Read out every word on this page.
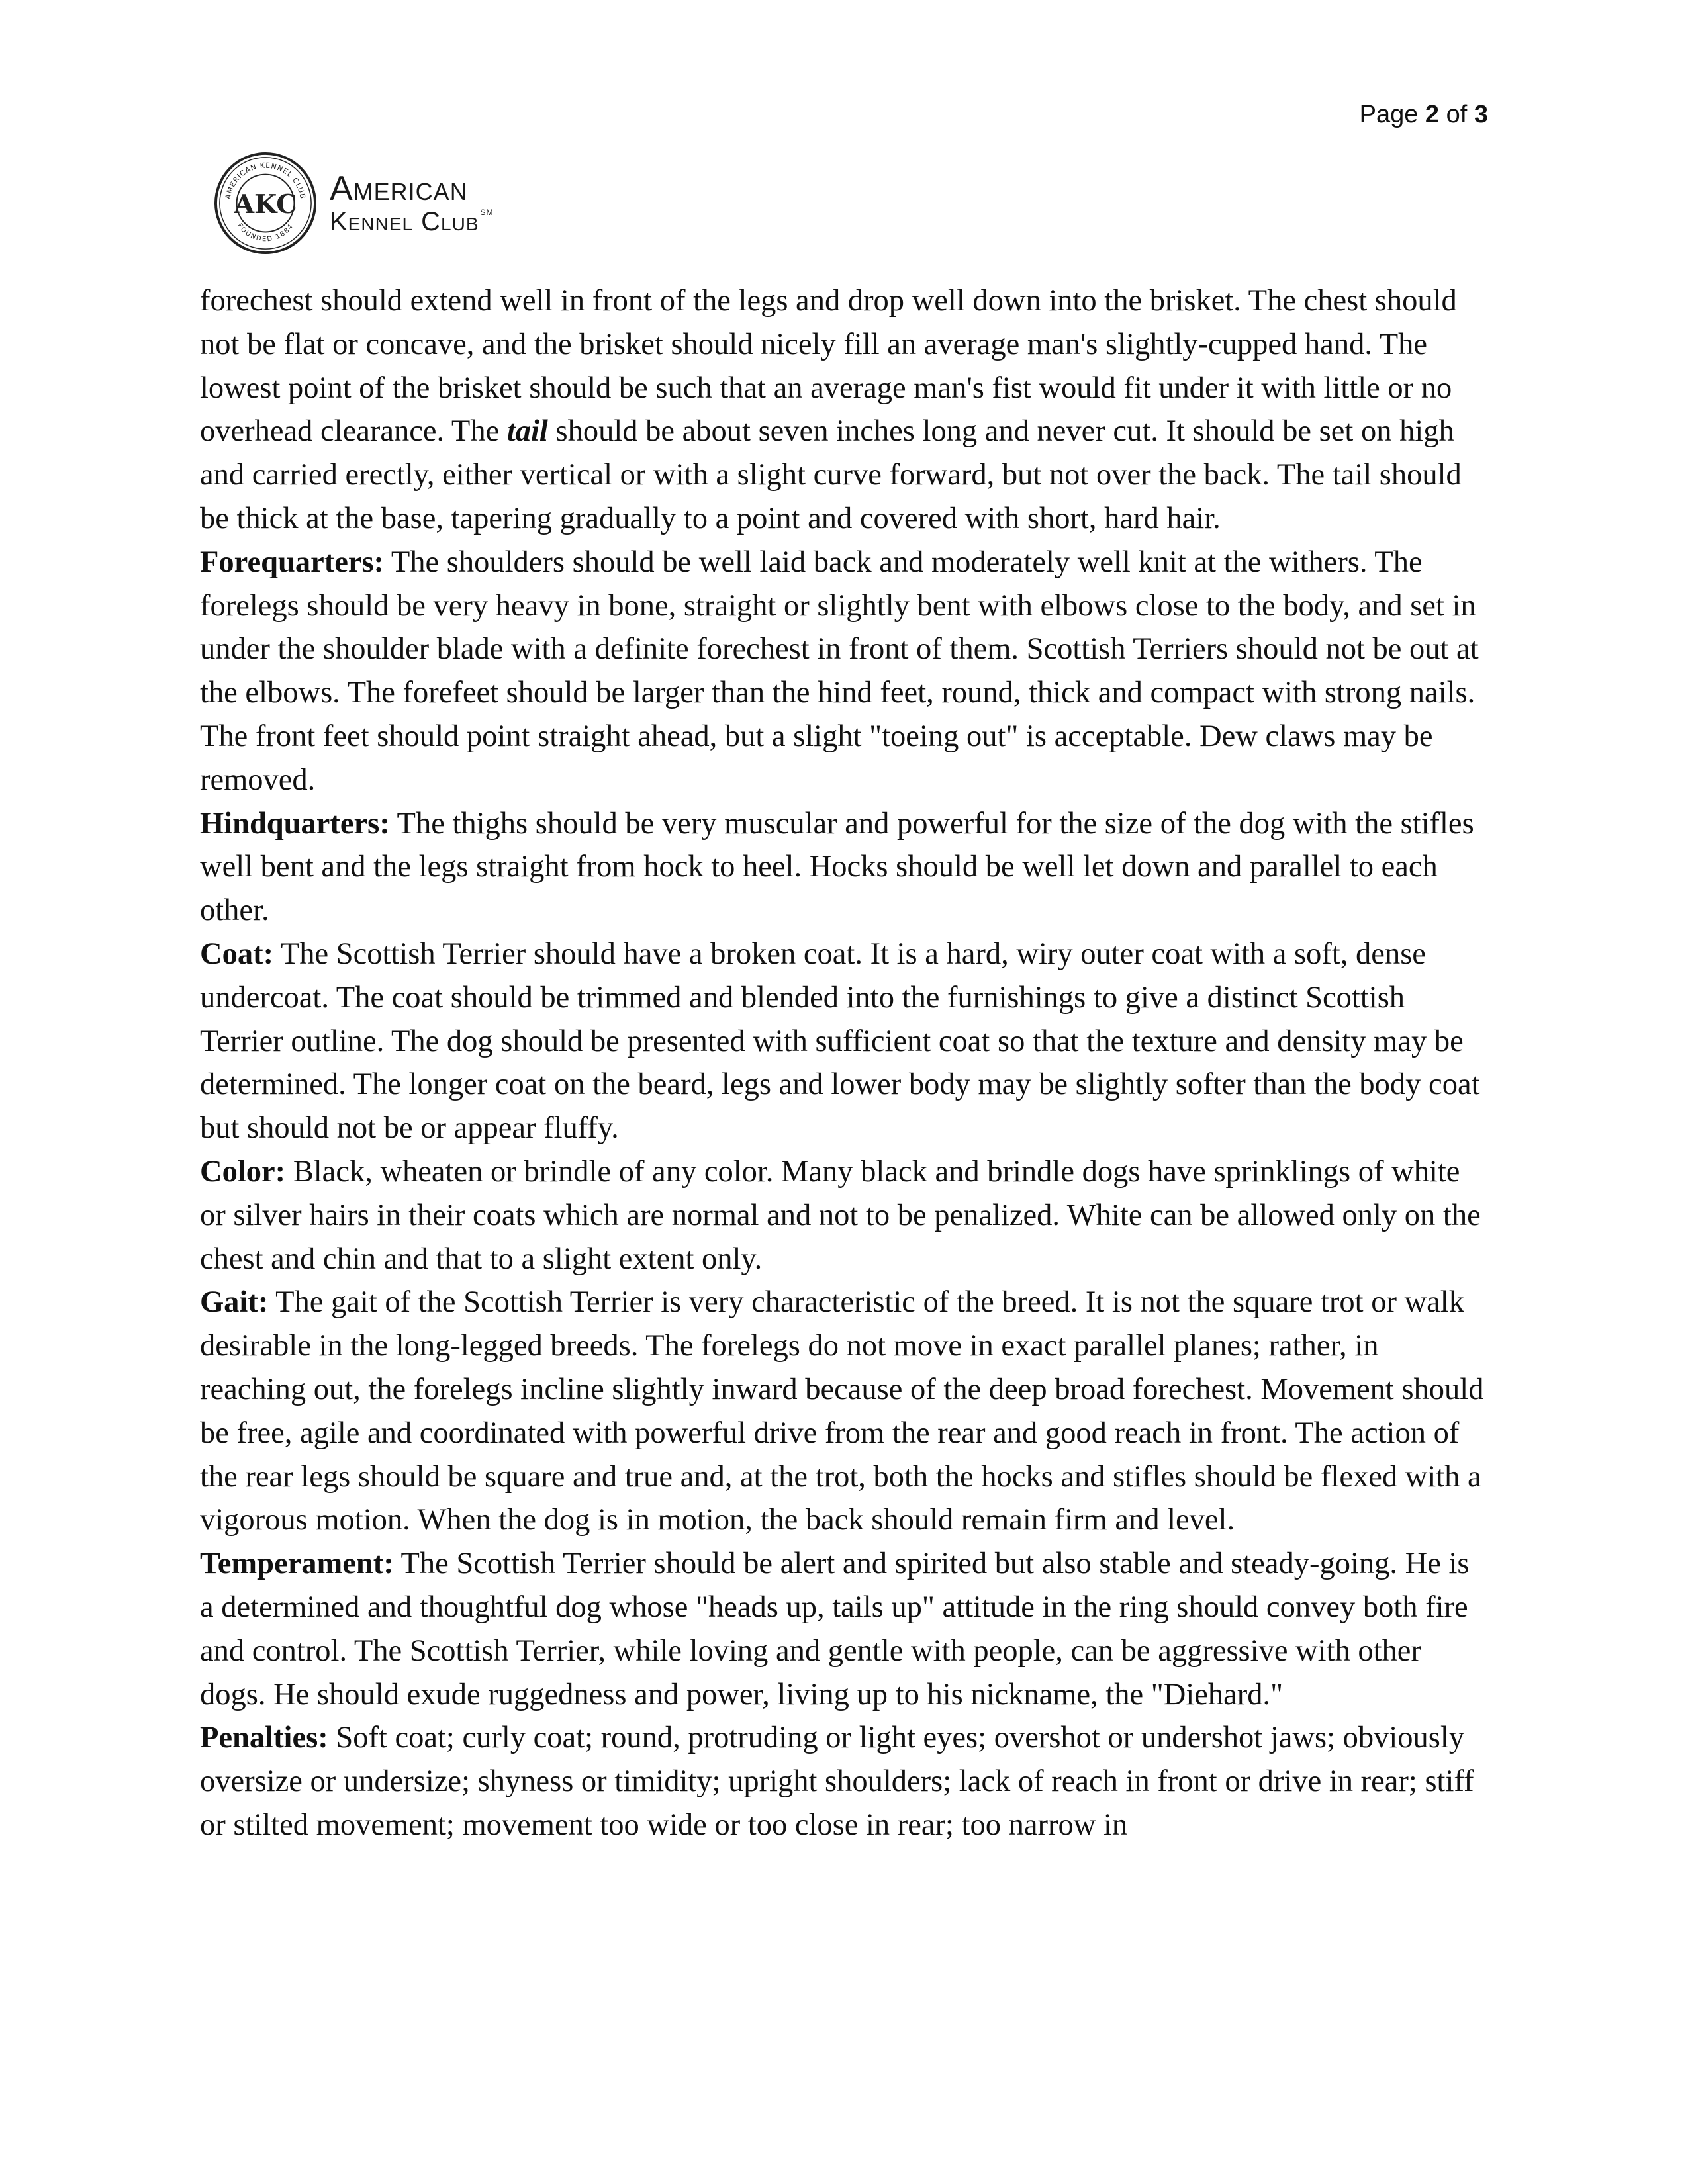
Page 2 of 3
AMERICAN KENNEL CLUB
FOUNDED 1884
AKC American
Kennel Club ℠

forechest should extend well in front of the legs and drop well down into the brisket. The chest should not be flat or concave, and the brisket should nicely fill an average man's slightly-cupped hand. The lowest point of the brisket should be such that an average man's fist would fit under it with little or no overhead clearance. The tail should be about seven inches long and never cut. It should be set on high and carried erectly, either vertical or with a slight curve forward, but not over the back. The tail should be thick at the base, tapering gradually to a point and covered with short, hard hair.

Forequarters: The shoulders should be well laid back and moderately well knit at the withers. The forelegs should be very heavy in bone, straight or slightly bent with elbows close to the body, and set in under the shoulder blade with a definite forechest in front of them. Scottish Terriers should not be out at the elbows. The forefeet should be larger than the hind feet, round, thick and compact with strong nails. The front feet should point straight ahead, but a slight "toeing out" is acceptable. Dew claws may be removed.

Hindquarters: The thighs should be very muscular and powerful for the size of the dog with the stifles well bent and the legs straight from hock to heel. Hocks should be well let down and parallel to each other.

Coat: The Scottish Terrier should have a broken coat. It is a hard, wiry outer coat with a soft, dense undercoat. The coat should be trimmed and blended into the furnishings to give a distinct Scottish Terrier outline. The dog should be presented with sufficient coat so that the texture and density may be determined. The longer coat on the beard, legs and lower body may be slightly softer than the body coat but should not be or appear fluffy.

Color: Black, wheaten or brindle of any color. Many black and brindle dogs have sprinklings of white or silver hairs in their coats which are normal and not to be penalized. White can be allowed only on the chest and chin and that to a slight extent only.

Gait: The gait of the Scottish Terrier is very characteristic of the breed. It is not the square trot or walk desirable in the long-legged breeds. The forelegs do not move in exact parallel planes; rather, in reaching out, the forelegs incline slightly inward because of the deep broad forechest. Movement should be free, agile and coordinated with powerful drive from the rear and good reach in front. The action of the rear legs should be square and true and, at the trot, both the hocks and stifles should be flexed with a vigorous motion. When the dog is in motion, the back should remain firm and level.

Temperament: The Scottish Terrier should be alert and spirited but also stable and steady-going. He is a determined and thoughtful dog whose "heads up, tails up" attitude in the ring should convey both fire and control. The Scottish Terrier, while loving and gentle with people, can be aggressive with other dogs. He should exude ruggedness and power, living up to his nickname, the "Diehard."

Penalties: Soft coat; curly coat; round, protruding or light eyes; overshot or undershot jaws; obviously oversize or undersize; shyness or timidity; upright shoulders; lack of reach in front or drive in rear; stiff or stilted movement; movement too wide or too close in rear; too narrow in
